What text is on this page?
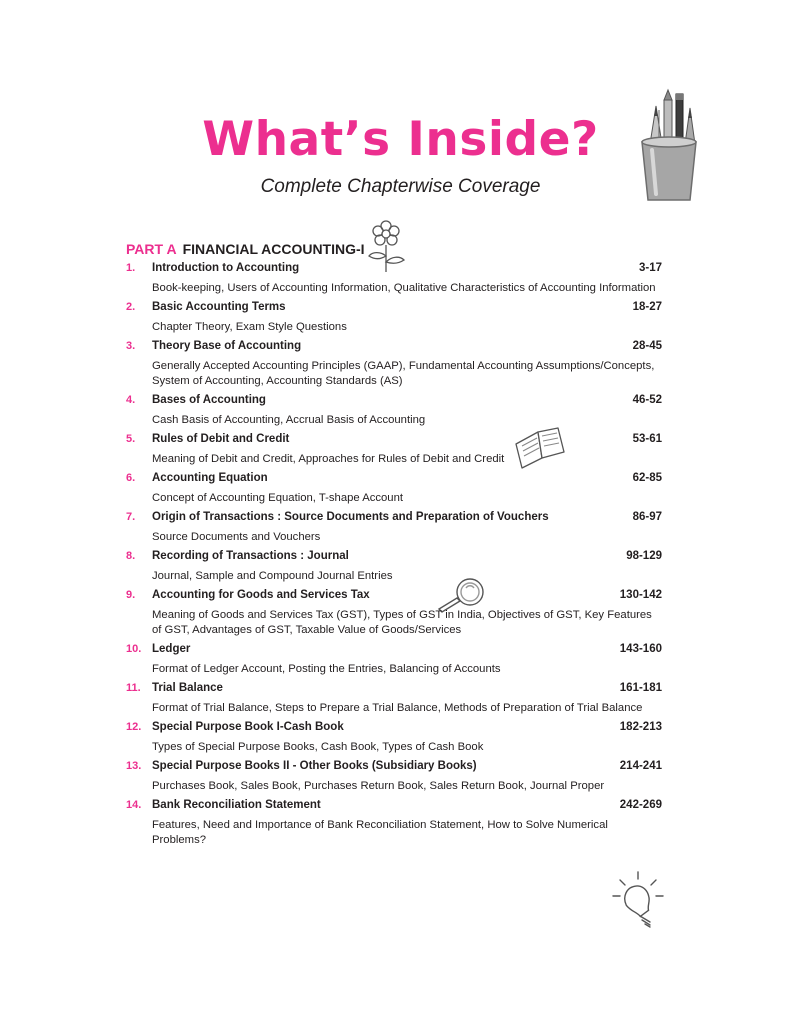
What’s Inside?

Complete Chapterwise Coverage

PART A FINANCIAL ACCOUNTING-I
1.	Introduction to Accounting	3-17
Book-keeping, Users of Accounting Information, Qualitative Characteristics of Accounting Information
2.	Basic Accounting Terms	18-27
Chapter Theory, Exam Style Questions
3.	Theory Base of Accounting	28-45
Generally Accepted Accounting Principles (GAAP), Fundamental Accounting Assumptions/Concepts, System of Accounting, Accounting Standards (AS)
4.	Bases of Accounting	46-52
Cash Basis of Accounting, Accrual Basis of Accounting
5.	Rules of Debit and Credit	53-61
Meaning of Debit and Credit, Approaches for Rules of Debit and Credit
6.	Accounting Equation	62-85
Concept of Accounting Equation, T-shape Account
7.	Origin of Transactions : Source Documents and Preparation of Vouchers	86-97
Source Documents and Vouchers
8.	Recording of Transactions : Journal	98-129
Journal, Sample and Compound Journal Entries
9.	Accounting for Goods and Services Tax	130-142
Meaning of Goods and Services Tax (GST), Types of GST in India, Objectives of GST, Key Features of GST, Advantages of GST, Taxable Value of Goods/Services
10. Ledger	143-160
Format of Ledger Account, Posting the Entries, Balancing of Accounts
11. Trial Balance	161-181
Format of Trial Balance, Steps to Prepare a Trial Balance, Methods of Preparation of Trial Balance
12. Special Purpose Book I-Cash Book	182-213
Types of Special Purpose Books, Cash Book, Types of Cash Book
13. Special Purpose Books II - Other Books (Subsidiary Books)	214-241
Purchases Book, Sales Book, Purchases Return Book, Sales Return Book, Journal Proper
14. Bank Reconciliation Statement	242-269
Features, Need and Importance of Bank Reconciliation Statement, How to Solve Numerical Problems?
